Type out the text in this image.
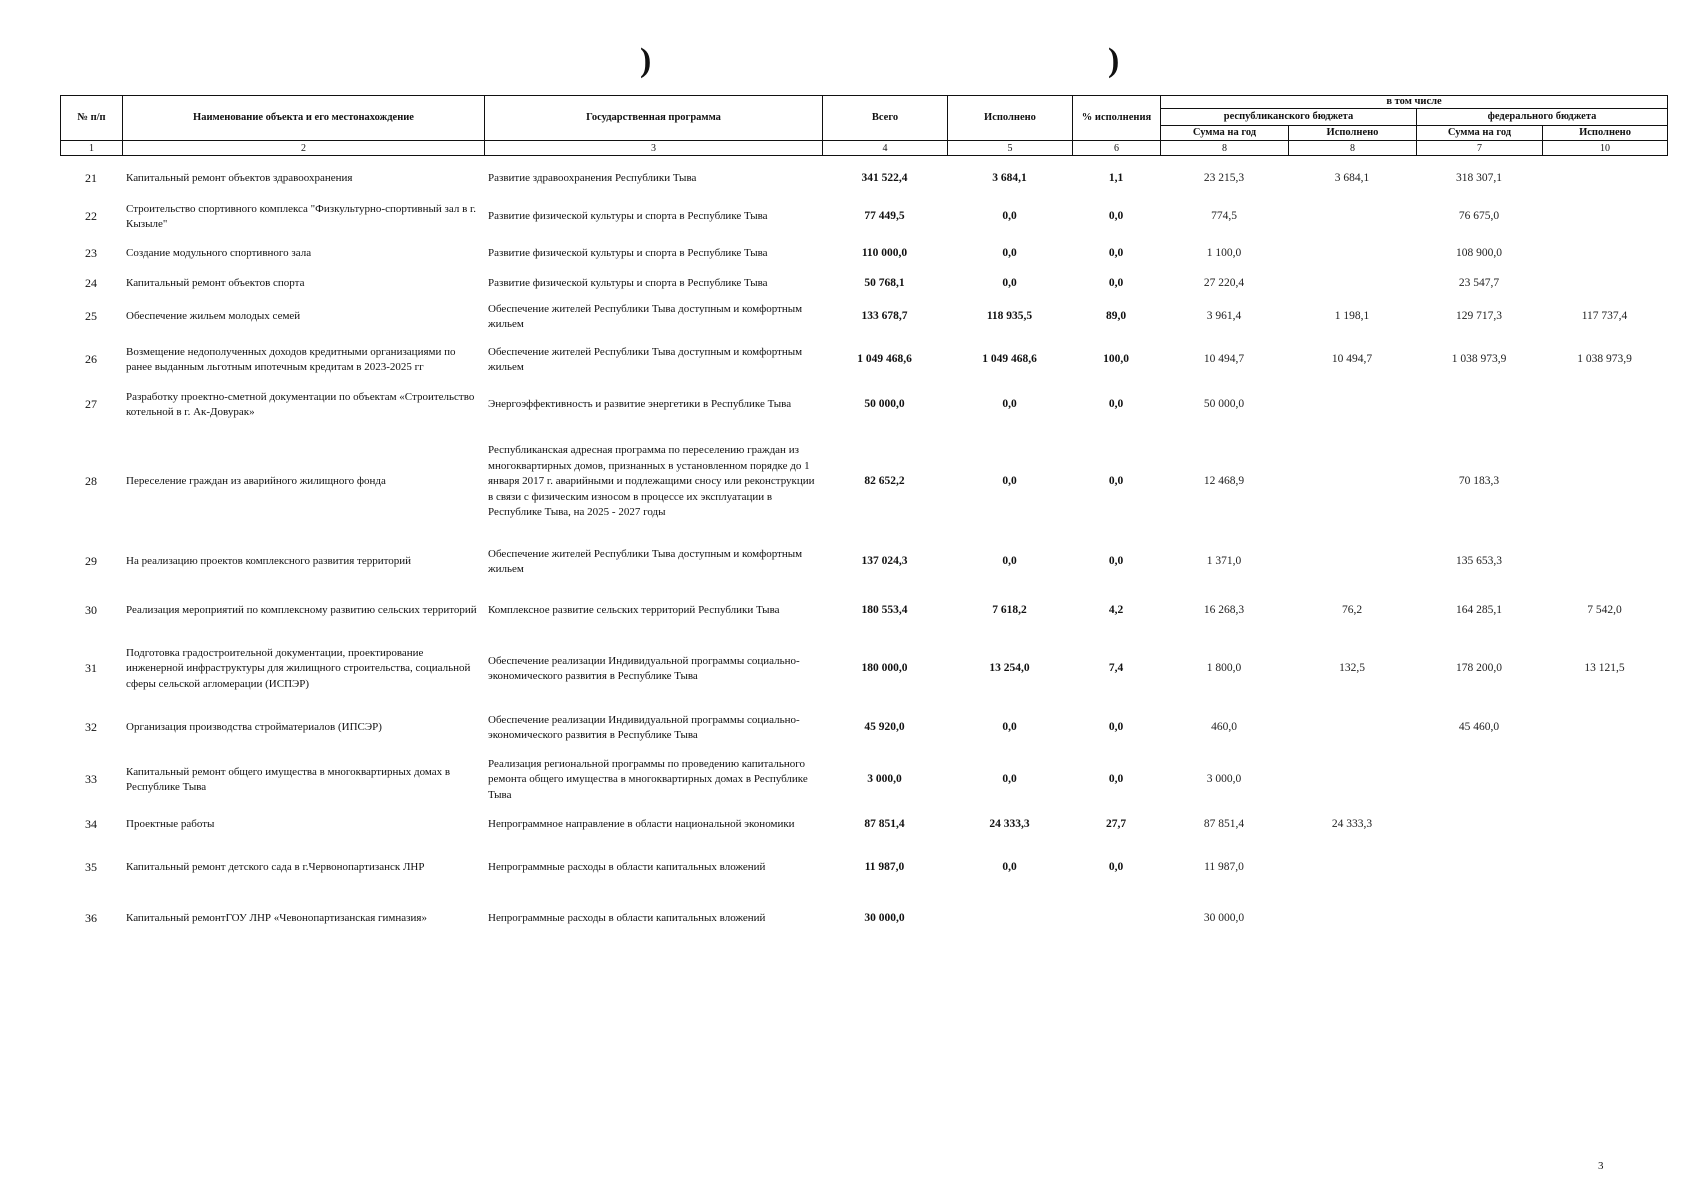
)	)
№ п/п	Наименование объекта и его местонахождение	Государственная программа	Всего	Исполнено	% исполнения	в том числе			
						республиканского бюджета		федерального бюджета	
						Сумма на год	Исполнено	Сумма на год	Исполнено
1	2	3	4	5	6	8	8	7	10
21	Капитальный ремонт объектов здравоохранения	Развитие здравоохранения Республики Тыва	341 522,4	3 684,1	1,1	23 215,3	3 684,1	318 307,1	
22	Строительство спортивного комплекса "Физкультурно-спортивный зал в г. Кызыле"	Развитие физической культуры и спорта в Республике Тыва	77 449,5	0,0	0,0	774,5		76 675,0	
23	Создание модульного спортивного зала	Развитие физической культуры и спорта в Республике Тыва	110 000,0	0,0	0,0	1 100,0		108 900,0	
24	Капитальный ремонт объектов спорта	Развитие физической культуры и спорта в Республике Тыва	50 768,1	0,0	0,0	27 220,4		23 547,7	
25	Обеспечение жильем молодых семей	Обеспечение жителей Республики Тыва доступным и комфортным жильем	133 678,7	118 935,5	89,0	3 961,4	1 198,1	129 717,3	117 737,4
26	Возмещение недополученных доходов кредитными организациями по ранее выданным льготным ипотечным кредитам в 2023-2025 гг	Обеспечение жителей Республики Тыва доступным и комфортным жильем	1 049 468,6	1 049 468,6	100,0	10 494,7	10 494,7	1 038 973,9	1 038 973,9
27	Разработку проектно-сметной документации по объектам «Строительство котельной в г. Ак-Довурак»	Энергоэффективность и развитие энергетики в Республике Тыва	50 000,0	0,0	0,0	50 000,0			
28	Переселение граждан из аварийного жилищного фонда	Республиканская адресная программа по переселению граждан из многоквартирных домов, признанных в установленном порядке до 1 января 2017 г. аварийными и подлежащими сносу или реконструкции в связи с физическим износом в процессе их эксплуатации в Республике Тыва, на 2025 - 2027 годы	82 652,2	0,0	0,0	12 468,9		70 183,3	
29	На реализацию проектов комплексного развития территорий	Обеспечение жителей Республики Тыва доступным и комфортным жильем	137 024,3	0,0	0,0	1 371,0		135 653,3	
30	Реализация мероприятий по комплексному развитию сельских территорий	Комплексное развитие сельских территорий Республики Тыва	180 553,4	7 618,2	4,2	16 268,3	76,2	164 285,1	7 542,0
31	Подготовка градостроительной документации, проектирование инженерной инфраструктуры для жилищного строительства, социальной сферы сельской агломерации (ИСПЭР)	Обеспечение реализации Индивидуальной программы социально-экономического развития в Республике Тыва	180 000,0	13 254,0	7,4	1 800,0	132,5	178 200,0	13 121,5
32	Организация производства стройматериалов (ИПСЭР)	Обеспечение реализации Индивидуальной программы социально-экономического развития в Республике Тыва	45 920,0	0,0	0,0	460,0		45 460,0	
33	Капитальный ремонт общего имущества в многоквартирных домах в Республике Тыва	Реализация региональной программы по проведению капитального ремонта общего имущества в многоквартирных домах в Республике Тыва	3 000,0	0,0	0,0	3 000,0			
34	Проектные работы	Непрограммное направление в области национальной экономики	87 851,4	24 333,3	27,7	87 851,4	24 333,3		
35	Капитальный ремонт детского сада в г.Червонопартизанск ЛНР	Непрограммные расходы в области капитальных вложений	11 987,0	0,0	0,0	11 987,0			
36	Капитальный ремонтГОУ ЛНР «Чевонопартизанская гимназия»	Непрограммные расходы в области капитальных вложений	30 000,0			30 000,0			
3
